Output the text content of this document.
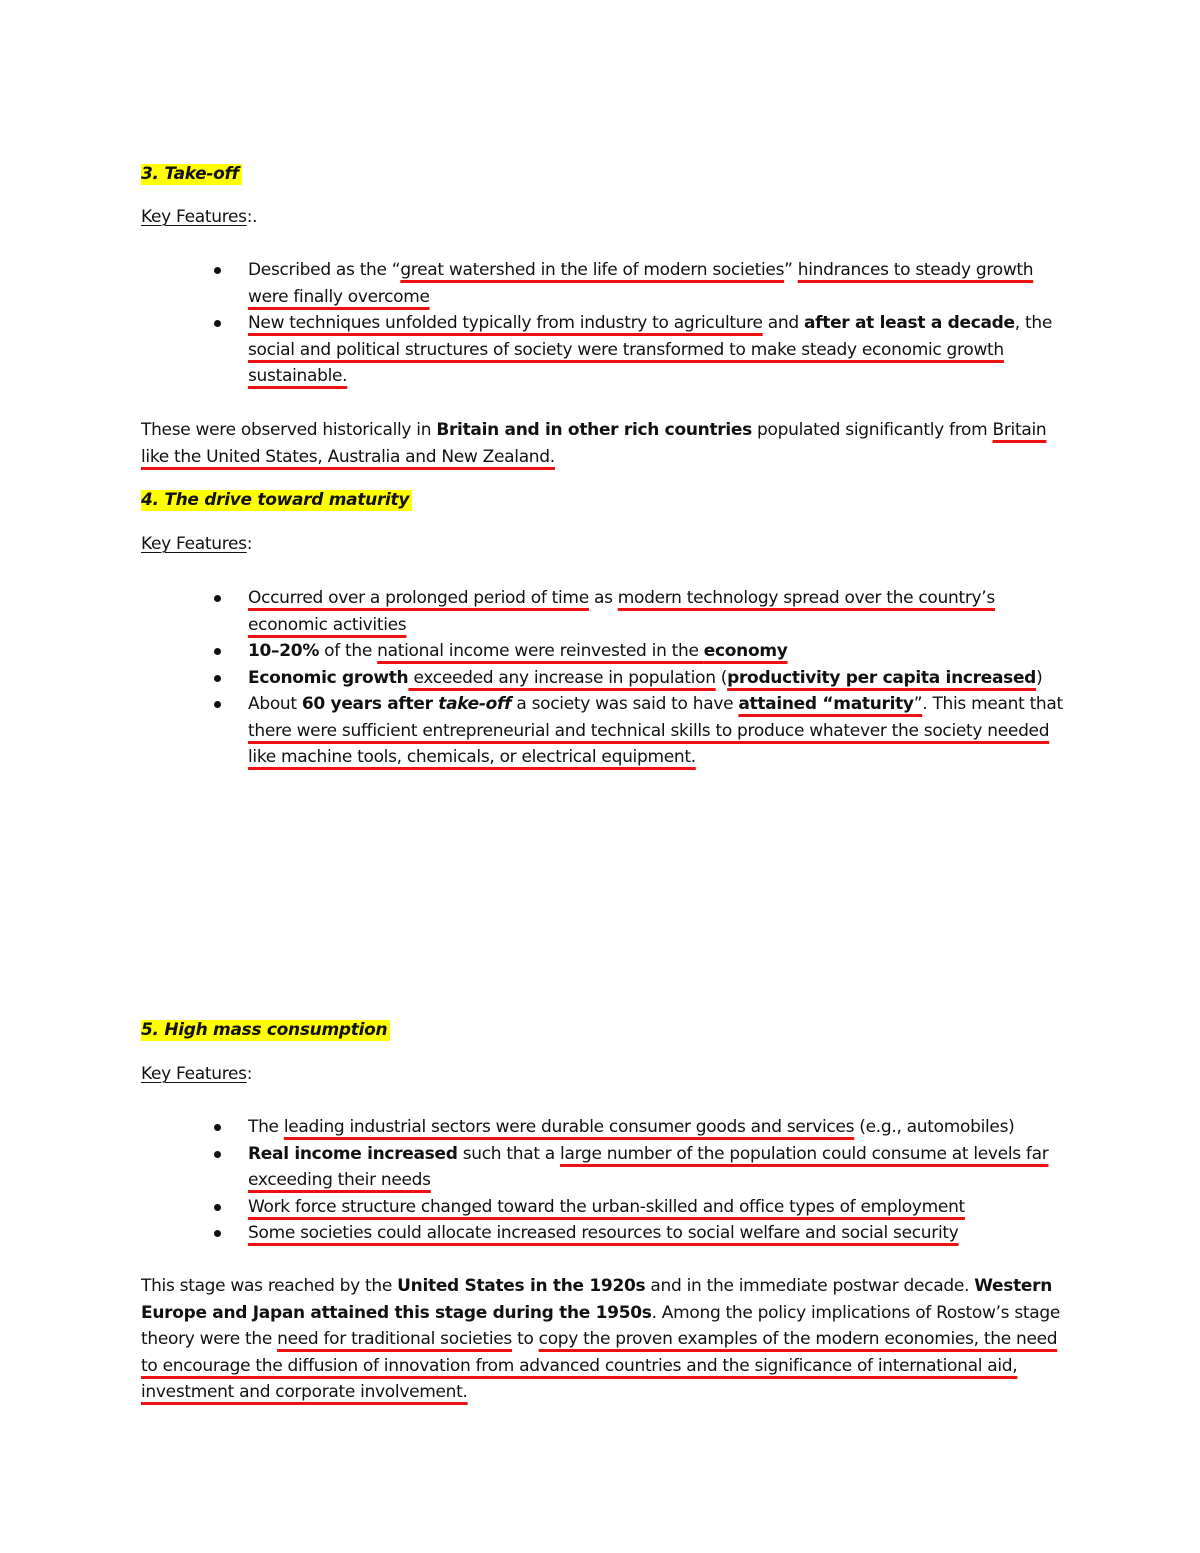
3. Take-off
Key Features:.
Described as the “great watershed in the life of modern societies” hindrances to steady growth were finally overcome
New techniques unfolded typically from industry to agriculture and after at least a decade, the social and political structures of society were transformed to make steady economic growth sustainable.
These were observed historically in Britain and in other rich countries populated significantly from Britain like the United States, Australia and New Zealand.
4. The drive toward maturity
Key Features:
Occurred over a prolonged period of time as modern technology spread over the country’s economic activities
10–20% of the national income were reinvested in the economy
Economic growth exceeded any increase in population (productivity per capita increased)
About 60 years after take-off a society was said to have attained “maturity”. This meant that there were sufficient entrepreneurial and technical skills to produce whatever the society needed like machine tools, chemicals, or electrical equipment.
5. High mass consumption
Key Features:
The leading industrial sectors were durable consumer goods and services (e.g., automobiles)
Real income increased such that a large number of the population could consume at levels far exceeding their needs
Work force structure changed toward the urban-skilled and office types of employment
Some societies could allocate increased resources to social welfare and social security
This stage was reached by the United States in the 1920s and in the immediate postwar decade. Western Europe and Japan attained this stage during the 1950s. Among the policy implications of Rostow’s stage theory were the need for traditional societies to copy the proven examples of the modern economies, the need to encourage the diffusion of innovation from advanced countries and the significance of international aid, investment and corporate involvement.
